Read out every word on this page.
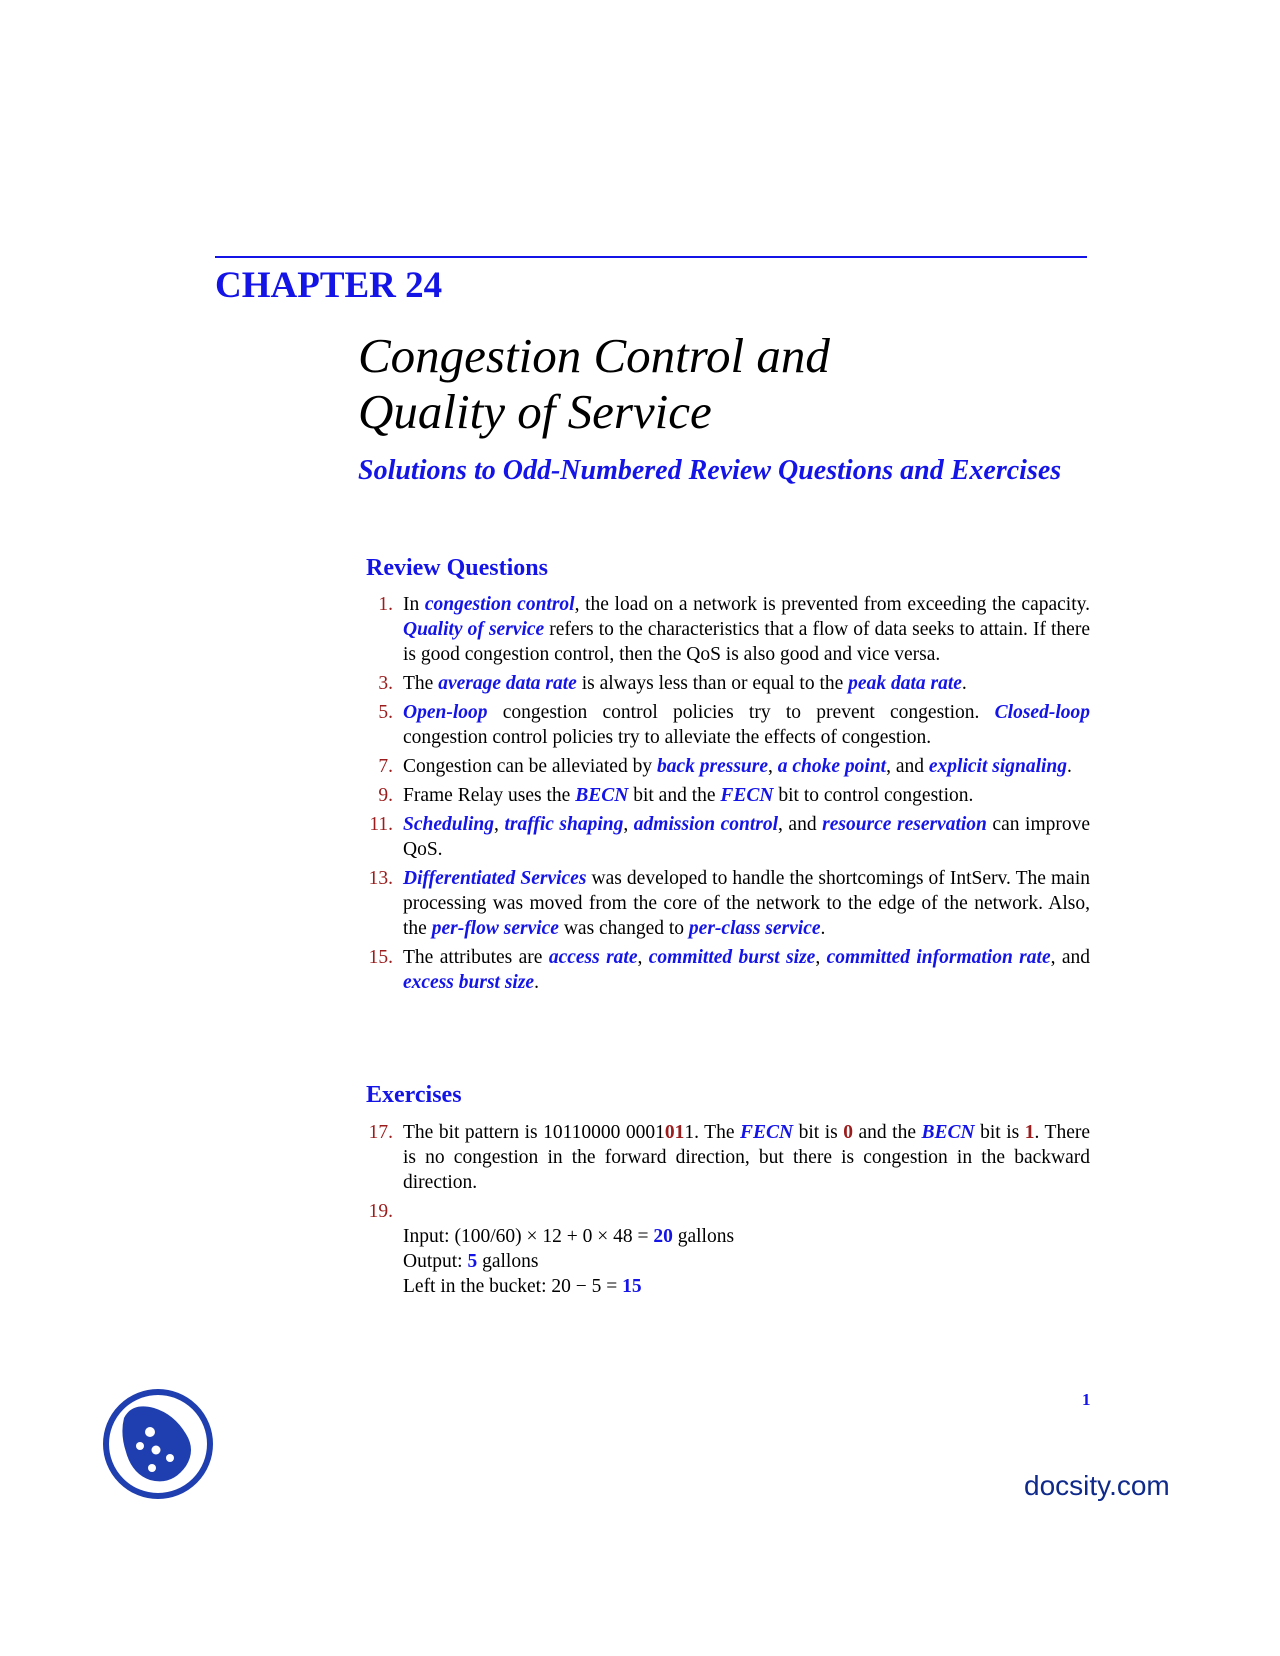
CHAPTER 24
Congestion Control and
Quality of Service
Solutions to Odd-Numbered Review Questions and Exercises
Review Questions
1. In congestion control, the load on a network is prevented from exceeding the capacity. Quality of service refers to the characteristics that a flow of data seeks to attain. If there is good congestion control, then the QoS is also good and vice versa.
3. The average data rate is always less than or equal to the peak data rate.
5. Open-loop congestion control policies try to prevent congestion. Closed-loop congestion control policies try to alleviate the effects of congestion.
7. Congestion can be alleviated by back pressure, a choke point, and explicit signaling.
9. Frame Relay uses the BECN bit and the FECN bit to control congestion.
11. Scheduling, traffic shaping, admission control, and resource reservation can improve QoS.
13. Differentiated Services was developed to handle the shortcomings of IntServ. The main processing was moved from the core of the network to the edge of the network. Also, the per-flow service was changed to per-class service.
15. The attributes are access rate, committed burst size, committed information rate, and excess burst size.
Exercises
17. The bit pattern is 10110000 0001011. The FECN bit is 0 and the BECN bit is 1. There is no congestion in the forward direction, but there is congestion in the backward direction.
19.

Input: (100/60) × 12 + 0 × 48 = 20 gallons
Output: 5 gallons
Left in the bucket: 20 − 5 = 15
1
docsity.com
